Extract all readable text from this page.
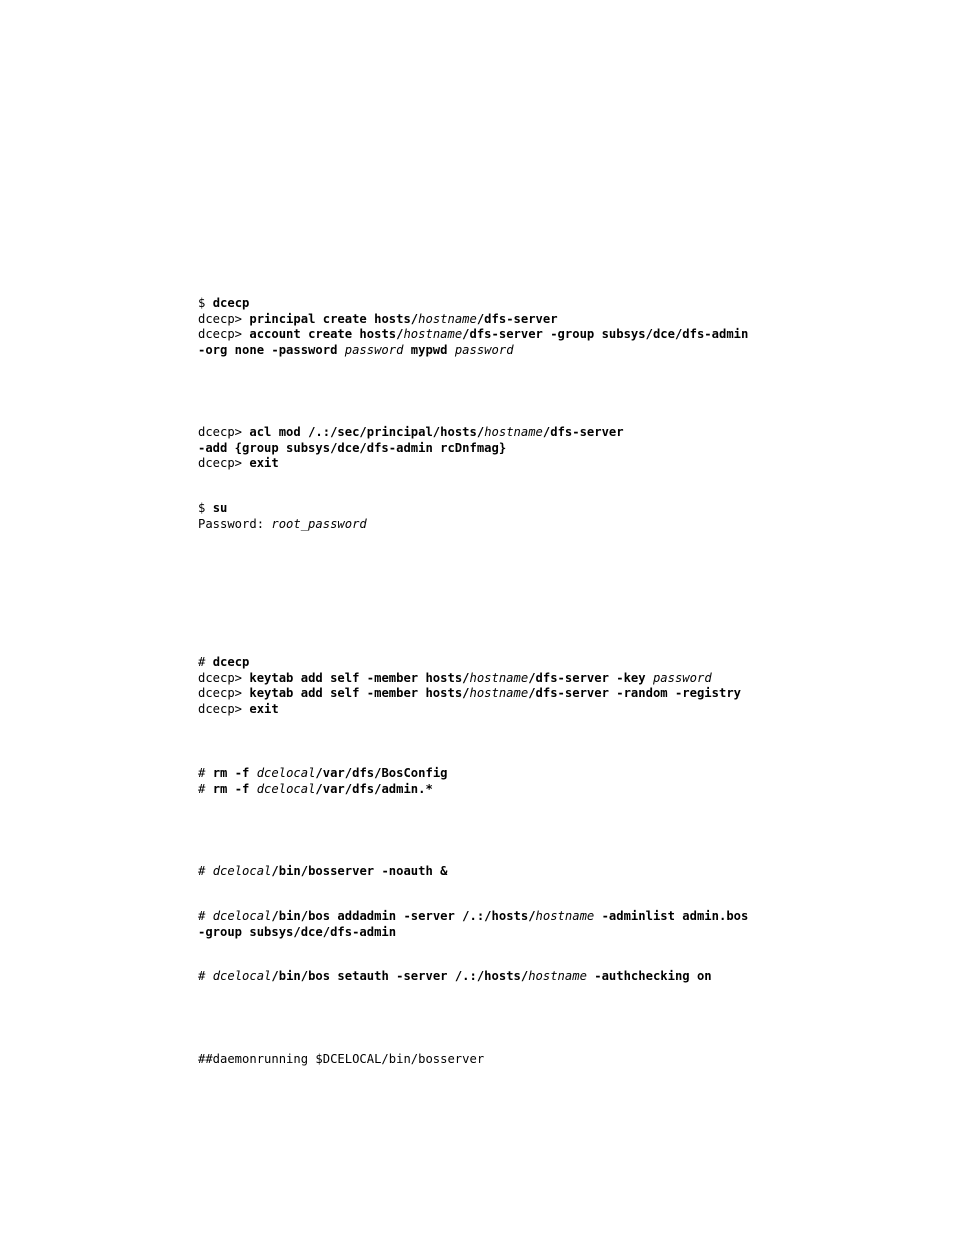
$ dcecp
dcecp> principal create hosts/hostname/dfs-server
dcecp> account create hosts/hostname/dfs-server -group subsys/dce/dfs-admin
-org none -password password mypwd password
dcecp> acl mod /.:/sec/principal/hosts/hostname/dfs-server
-add {group subsys/dce/dfs-admin rcDnfmag}
dcecp> exit
$ su
Password: root_password
# dcecp
dcecp> keytab add self -member hosts/hostname/dfs-server -key password
dcecp> keytab add self -member hosts/hostname/dfs-server -random -registry
dcecp> exit
# rm -f dcelocal/var/dfs/BosConfig
# rm -f dcelocal/var/dfs/admin.*
# dcelocal/bin/bosserver -noauth &
# dcelocal/bin/bos addadmin -server /.:/hosts/hostname -adminlist admin.bos
-group subsys/dce/dfs-admin
# dcelocal/bin/bos setauth -server /.:/hosts/hostname -authchecking on
##daemonrunning $DCELOCAL/bin/bosserver
